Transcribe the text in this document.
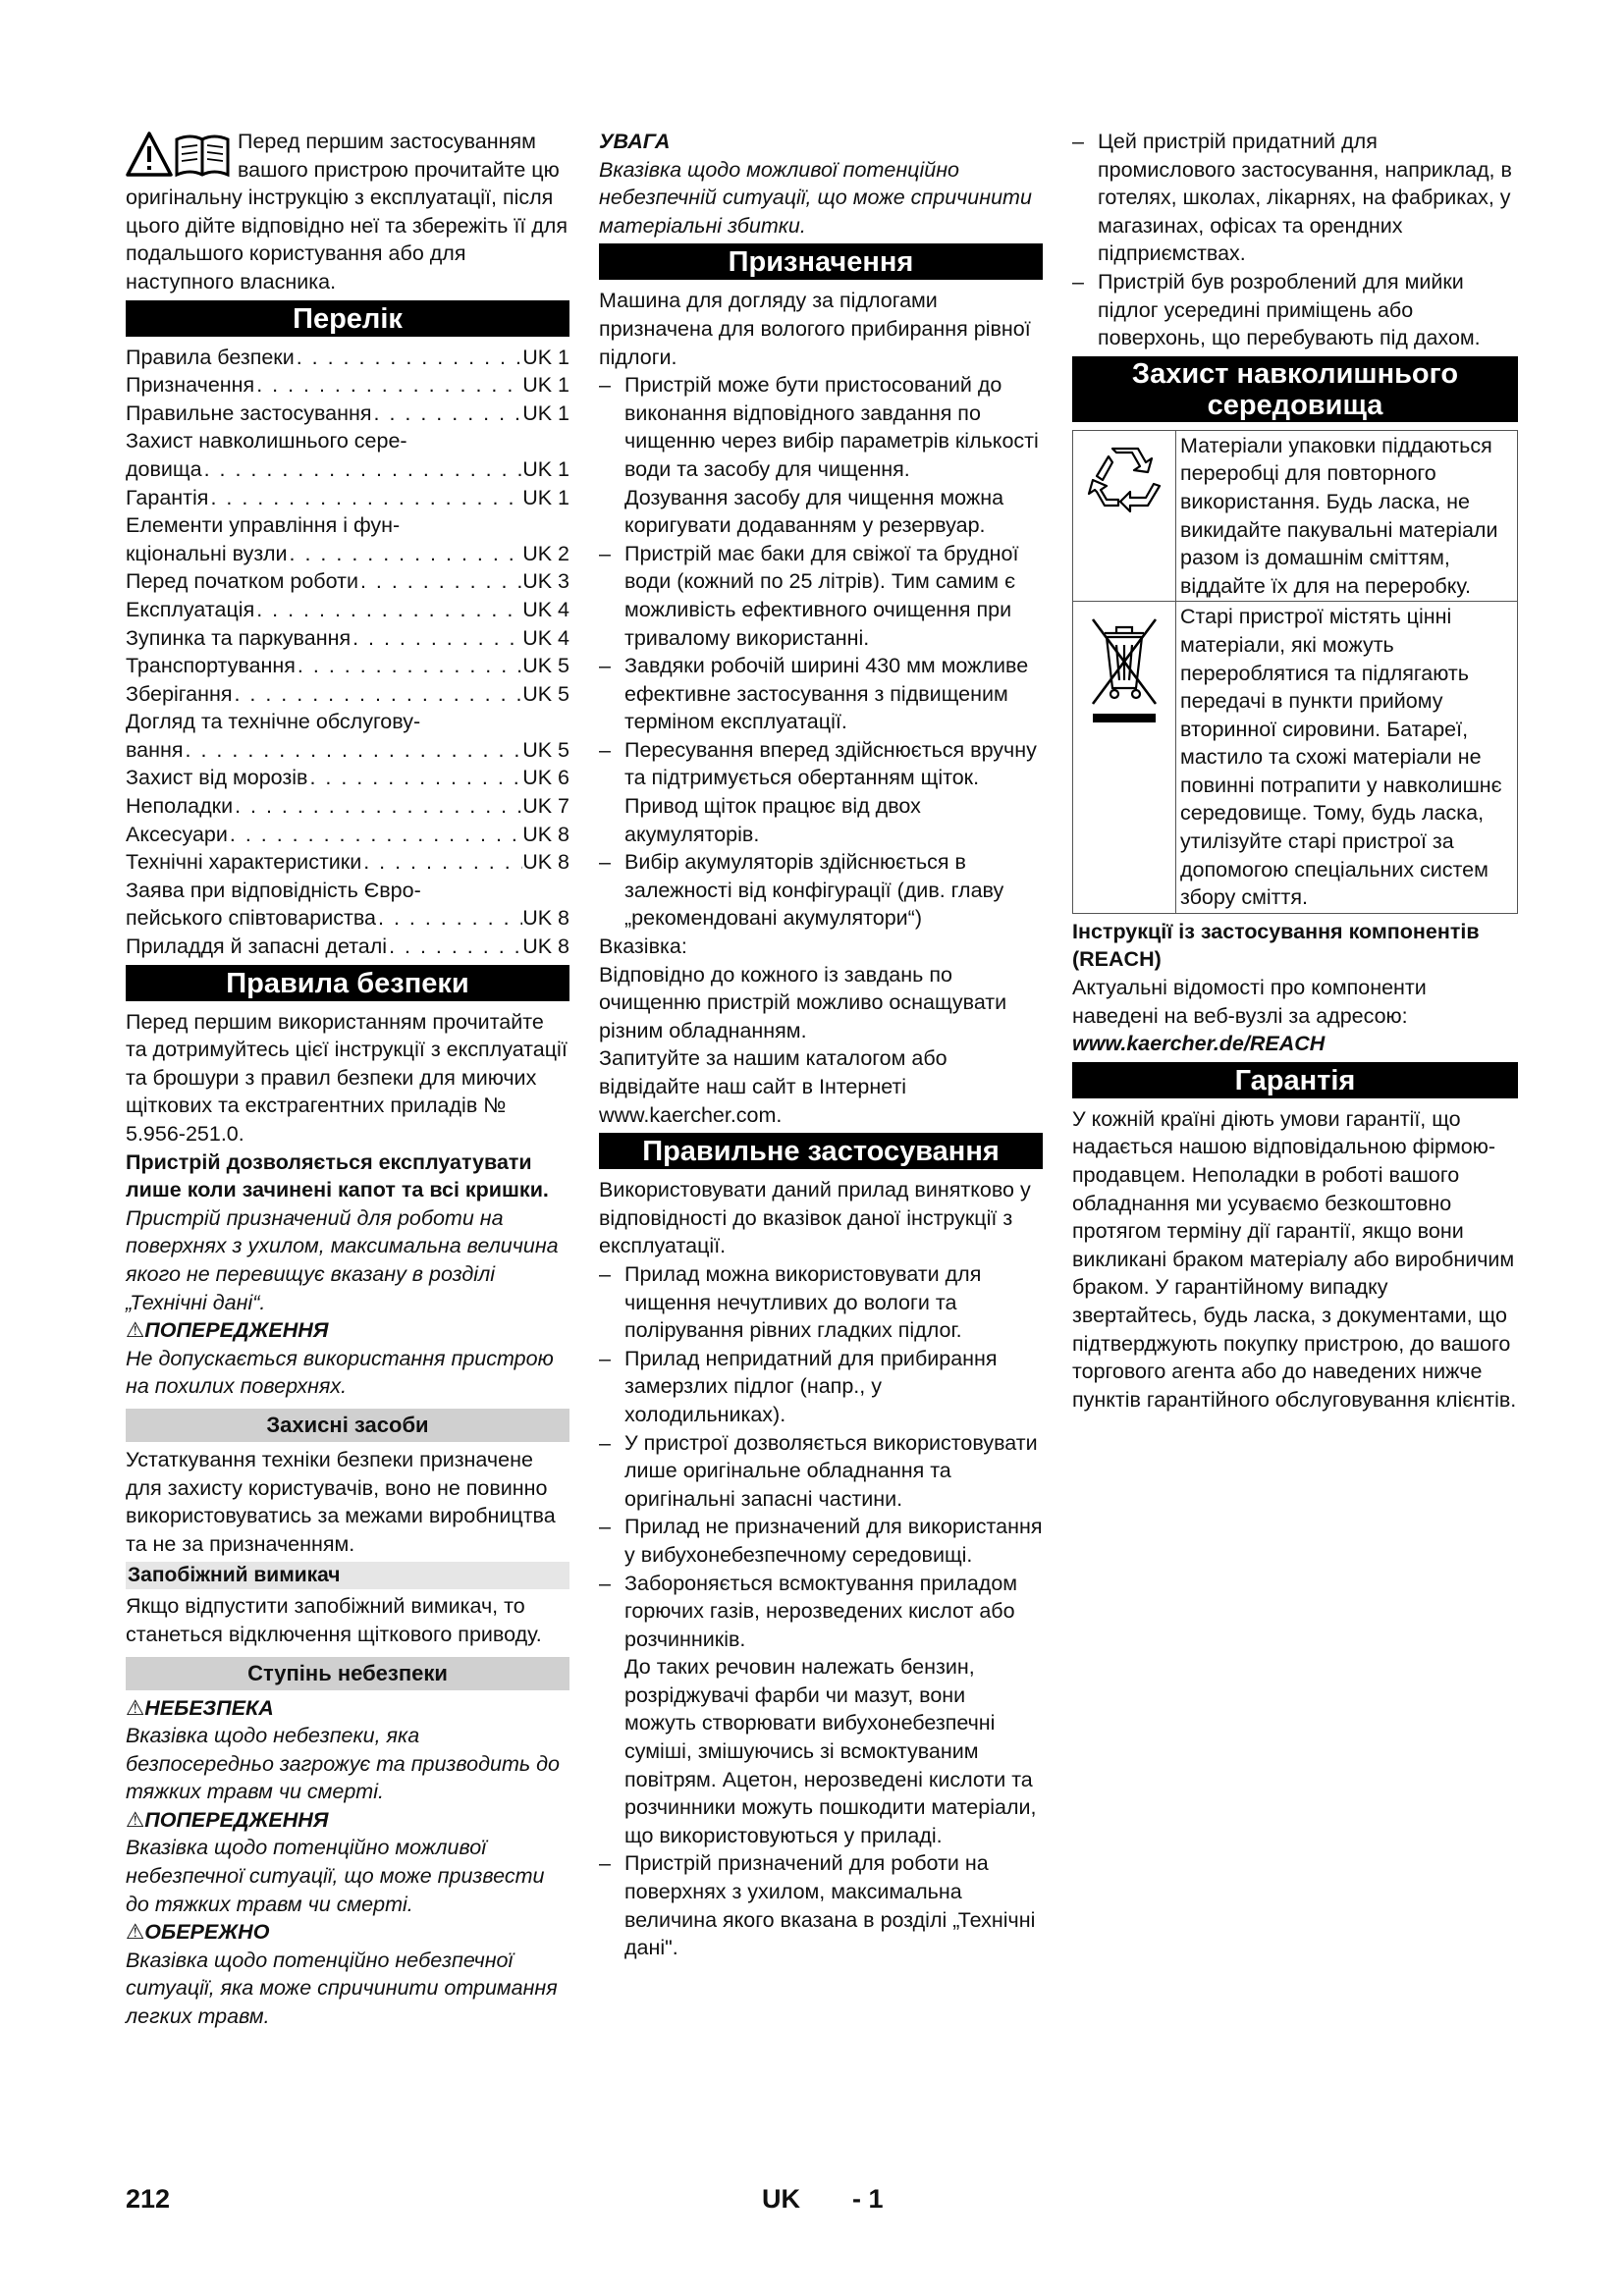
Перед першим застосуванням вашого пристрою прочитайте цю оригінальну інструкцію з експлуатації, після цього дійте відповідно неї та збережіть її для подальшого користування або для наступного власника.

Перелік
Правила безпеки . . .	UK 1
Призначення . . .	UK 1
Правильне застосування . . .	UK 1
Захист навколишнього сере-
довища . . .	UK 1
Гарантія . . .	UK 1
Елементи управління і фун-
кціональні вузли . . .	UK 2
Перед початком роботи . . .	UK 3
Експлуатація . . .	UK 4
Зупинка та паркування . . .	UK 4
Транспортування . . .	UK 5
Зберігання . . .	UK 5
Догляд та технічне обслугову-
вання . . .	UK 5
Захист від морозів . . .	UK 6
Неполадки . . .	UK 7
Аксесуари . . .	UK 8
Технічні характеристики . . .	UK 8
Заява при відповідність Євро-
пейського співтовариства . . .	UK 8
Приладдя й запасні деталі . . .	UK 8
Правила безпеки

Перед першим використанням прочитайте та дотримуйтесь цієї інструкції з експлуатації та брошури з правил безпеки для миючих щіткових та екстрагентних приладів № 5.956-251.0.

Пристрій дозволяється експлуатувати лише коли зачинені капот та всі кришки.

Пристрій призначений для роботи на поверхнях з ухилом, максимальна величина якого не перевищує вказану в розділі „Технічні дані“.

⚠ПОПЕРЕДЖЕННЯ

Не допускається використання пристрою на похилих поверхнях.

Захисні засоби

Устаткування техніки безпеки призначене для захисту користувачів, воно не повинно використовуватись за межами виробництва та не за призначенням.

Запобіжний вимикач

Якщо відпустити запобіжний вимикач, то станеться відключення щіткового приводу.

Ступінь небезпеки

⚠НЕБЕЗПЕКА

Вказівка щодо небезпеки, яка безпосередньо загрожує та призводить до тяжких травм чи смерті.

⚠ПОПЕРЕДЖЕННЯ

Вказівка щодо потенційно можливої небезпечної ситуації, що може призвести до тяжких травм чи смерті.

⚠ОБЕРЕЖНО

Вказівка щодо потенційно небезпечної ситуації, яка може спричинити отримання легких травм.

УВАГА

Вказівка щодо можливої потенційно небезпечній ситуації, що може спричинити матеріальні збитки.

Призначення

Машина для догляду за підлогами призначена для вологого прибирання рівної підлоги.

– Пристрій може бути пристосований до виконання відповідного завдання по чищенню через вибір параметрів кількості води та засобу для чищення.

Дозування засобу для чищення можна коригувати додаванням у резервуар.

– Пристрій має баки для свіжої та брудної води (кожний по 25 літрів). Тим самим є можливість ефективного очищення при тривалому використанні.

– Завдяки робочій ширині 430 мм можливе ефективне застосування з підвищеним терміном експлуатації.

– Пересування вперед здійснюється вручну та підтримується обертанням щіток. Привод щіток працює від двох акумуляторів.

– Вибір акумуляторів здійснюється в залежності від конфігурації (див. главу „рекомендовані акумулятори“)

Вказівка:

Відповідно до кожного із завдань по очищенню пристрій можливо оснащувати різним обладнанням.

Запитуйте за нашим каталогом або відвідайте наш сайт в Інтернеті www.kaercher.com.

Правильне застосування

Використовувати даний прилад винятково у відповідності до вказівок даної інструкції з експлуатації.

– Прилад можна використовувати для чищення нечутливих до вологи та полірування рівних гладких підлог.

– Прилад непридатний для прибирання замерзлих підлог (напр., у холодильниках).

– У пристрої дозволяється використовувати лише оригінальне обладнання та оригінальні запасні частини.

– Прилад не призначений для використання у вибухонебезпечному середовищі.

– Забороняється всмоктування приладом горючих газів, нерозведених кислот або розчинників.

До таких речовин належать бензин, розріджувачі фарби чи мазут, вони можуть створювати вибухонебезпечні суміші, змішуючись зі всмоктуваним повітрям. Ацетон, нерозведені кислоти та розчинники можуть пошкодити матеріали, що використовуються у приладі.

– Пристрій призначений для роботи на поверхнях з ухилом, максимальна величина якого вказана в розділі „Технічні дані".

– Цей пристрій придатний для промислового застосування, наприклад, в готелях, школах, лікарнях, на фабриках, у магазинах, офісах та орендних підприємствах.

– Пристрій був розроблений для мийки підлог усередині приміщень або поверхонь, що перебувають під дахом.

Захист навколишнього
середовища
	Матеріали упаковки піддаються переробці для повторного використання. Будь ласка, не викидайте пакувальні матеріали разом із домашнім сміттям, віддайте їх для на переробку.
	Старі пристрої містять цінні матеріали, які можуть перероблятися та підлягають передачі в пункти прийому вторинної сировини. Батареї, мастило та схожі матеріали не повинні потрапити у навколишнє середовище. Тому, будь ласка, утилізуйте старі пристрої за допомогою спеціальних систем збору сміття.

Інструкції із застосування компонентів (REACH)

Актуальні відомості про компоненти наведені на веб-вузлі за адресою:

www.kaercher.de/REACH

Гарантія

У кожній країні діють умови гарантії, що надається нашою відповідальною фірмою-продавцем. Неполадки в роботі вашого обладнання ми усуваємо безкоштовно протягом терміну дії гарантії, якщо вони викликані браком матеріалу або виробничим браком. У гарантійному випадку звертайтесь, будь ласка, з документами, що підтверджують покупку пристрою, до вашого торгового агента або до наведених нижче пунктів гарантійного обслуговування клієнтів.

212	UK - 1
